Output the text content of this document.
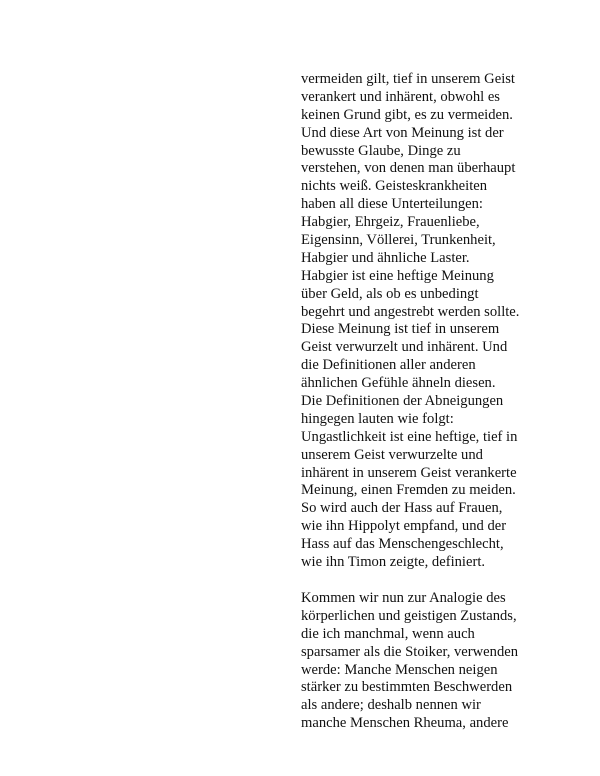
vermeiden gilt, tief in unserem Geist
verankert und inhärent, obwohl es
keinen Grund gibt, es zu vermeiden.
Und diese Art von Meinung ist der
bewusste Glaube, Dinge zu
verstehen, von denen man überhaupt
nichts weiß. Geisteskrankheiten
haben all diese Unterteilungen:
Habgier, Ehrgeiz, Frauenliebe,
Eigensinn, Völlerei, Trunkenheit,
Habgier und ähnliche Laster.
Habgier ist eine heftige Meinung
über Geld, als ob es unbedingt
begehrt und angestrebt werden sollte.
Diese Meinung ist tief in unserem
Geist verwurzelt und inhärent. Und
die Definitionen aller anderen
ähnlichen Gefühle ähneln diesen.
Die Definitionen der Abneigungen
hingegen lauten wie folgt:
Ungastlichkeit ist eine heftige, tief in
unserem Geist verwurzelte und
inhärent in unserem Geist verankerte
Meinung, einen Fremden zu meiden.
So wird auch der Hass auf Frauen,
wie ihn Hippolyt empfand, und der
Hass auf das Menschengeschlecht,
wie ihn Timon zeigte, definiert.
Kommen wir nun zur Analogie des
körperlichen und geistigen Zustands,
die ich manchmal, wenn auch
sparsamer als die Stoiker, verwenden
werde: Manche Menschen neigen
stärker zu bestimmten Beschwerden
als andere; deshalb nennen wir
manche Menschen Rheuma, andere
